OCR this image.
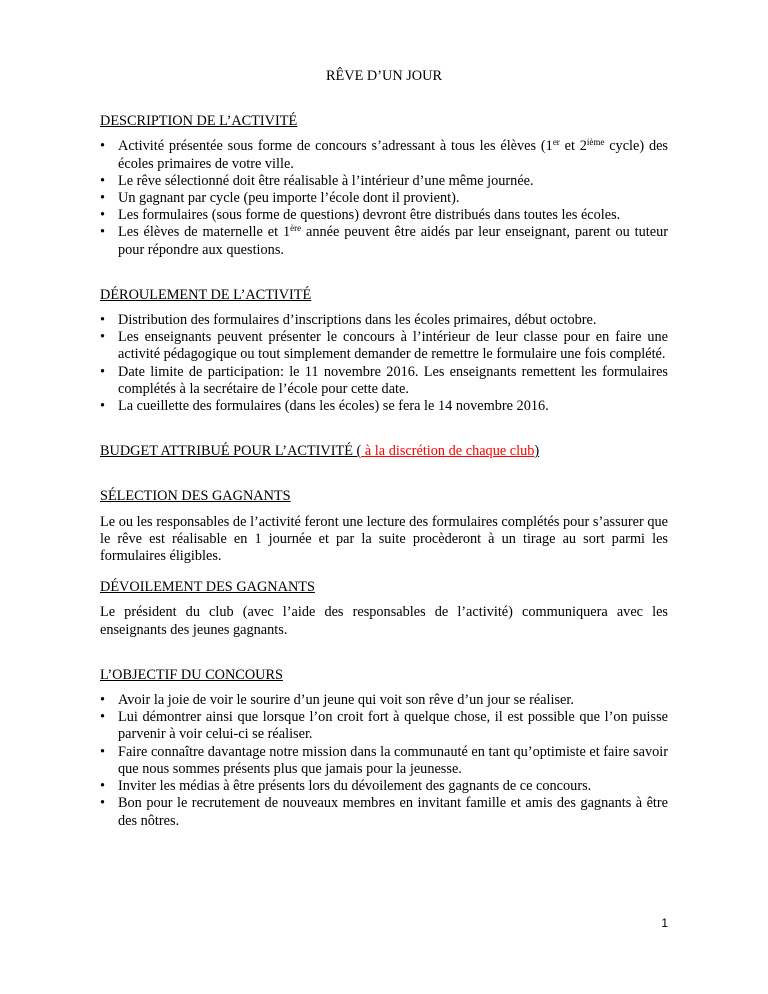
RÊVE D’UN JOUR
DESCRIPTION DE L’ACTIVITÉ
• Activité présentée sous forme de concours s’adressant à tous les élèves (1er et 2ième cycle) des écoles primaires de votre ville.
• Le rêve sélectionné doit être réalisable à l’intérieur d’une même journée.
• Un gagnant par cycle (peu importe l’école dont il provient).
• Les formulaires (sous forme de questions) devront être distribués dans toutes les écoles.
• Les élèves de maternelle et 1ère année peuvent être aidés par leur enseignant, parent ou tuteur pour répondre aux questions.
DÉROULEMENT DE L’ACTIVITÉ
• Distribution des formulaires d’inscriptions dans les écoles primaires, début octobre.
• Les enseignants peuvent présenter le concours à l’intérieur de leur classe pour en faire une activité pédagogique ou tout simplement demander de remettre le formulaire une fois complété.
• Date limite de participation: le 11 novembre 2016. Les enseignants remettent les formulaires complétés à la secrétaire de l’école pour cette date.
• La cueillette des formulaires (dans les écoles) se fera le 14 novembre 2016.
BUDGET ATTRIBUÉ POUR L’ACTIVITÉ ( à la discrétion de chaque club)
SÉLECTION DES GAGNANTS

Le ou les responsables de l’activité feront une lecture des formulaires complétés pour s’assurer que le rêve est réalisable en 1 journée et par la suite procèderont à un tirage au sort parmi les formulaires éligibles.

DÉVOILEMENT DES GAGNANTS

Le président du club (avec l’aide des responsables de l’activité) communiquera avec les enseignants des jeunes gagnants.

L’OBJECTIF DU CONCOURS
• Avoir la joie de voir le sourire d’un jeune qui voit son rêve d’un jour se réaliser.
• Lui démontrer ainsi que lorsque l’on croit fort à quelque chose, il est possible que l’on puisse parvenir à voir celui-ci se réaliser.
• Faire connaître davantage notre mission dans la communauté en tant qu’optimiste et faire savoir que nous sommes présents plus que jamais pour la jeunesse.
• Inviter les médias à être présents lors du dévoilement des gagnants de ce concours.
• Bon pour le recrutement de nouveaux membres en invitant famille et amis des gagnants à être des nôtres.
1
